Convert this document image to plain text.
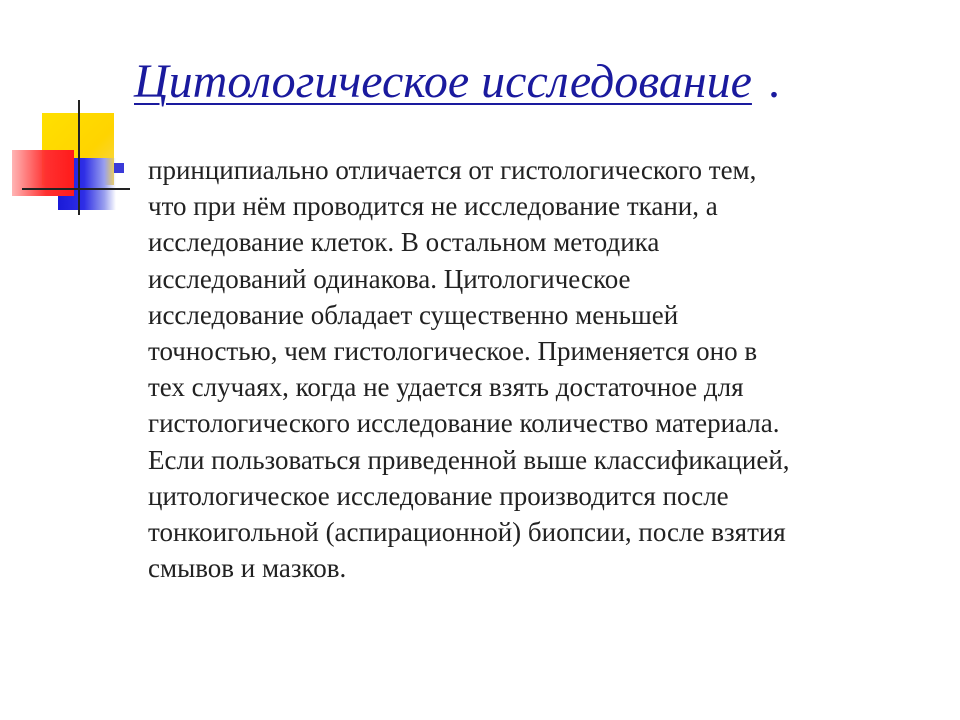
Цитологическое исследование .

принципиально отличается от гистологического тем,
что при нём проводится не исследование ткани, а
исследование клеток. В остальном методика
исследований одинакова. Цитологическое
исследование обладает существенно меньшей
точностью, чем гистологическое. Применяется оно в
тех случаях, когда не удается взять достаточное для
гистологического исследование количество материала.
Если пользоваться приведенной выше классификацией,
цитологическое исследование производится после
тонкоигольной (аспирационной) биопсии, после взятия
смывов и мазков.
